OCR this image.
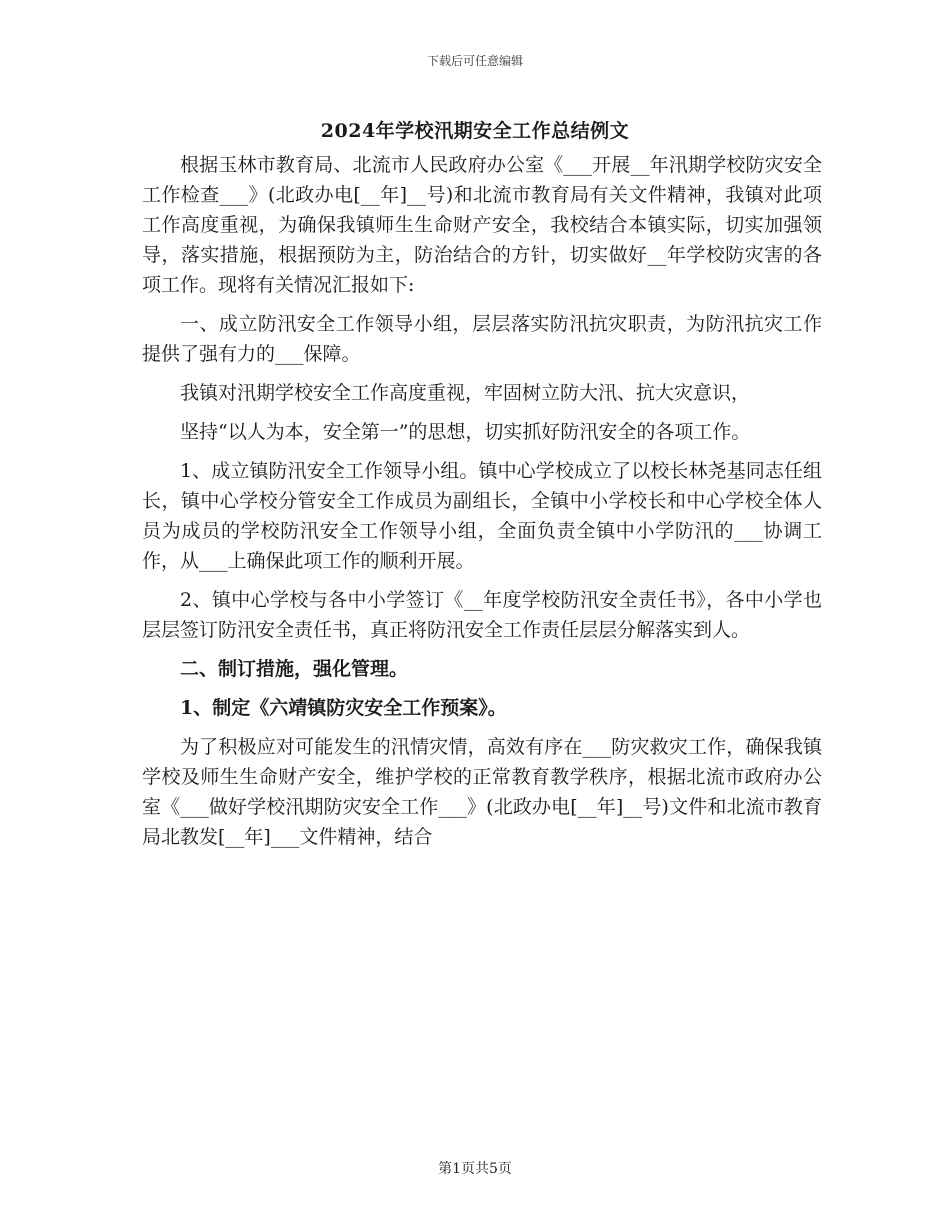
下载后可任意编辑
2024年学校汛期安全工作总结例文

根据玉林市教育局、北流市人民政府办公室《___开展__年汛期学校防灾安全工作检查___》(北政办电[__年]__号)和北流市教育局有关文件精神，我镇对此项工作高度重视，为确保我镇师生生命财产安全，我校结合本镇实际，切实加强领导，落实措施，根据预防为主，防治结合的方针，切实做好__年学校防灾害的各项工作。现将有关情况汇报如下:

一、成立防汛安全工作领导小组，层层落实防汛抗灾职责，为防汛抗灾工作提供了强有力的___保障。

我镇对汛期学校安全工作高度重视，牢固树立防大汛、抗大灾意识，

坚持“以人为本，安全第一”的思想，切实抓好防汛安全的各项工作。

1、成立镇防汛安全工作领导小组。镇中心学校成立了以校长林尧基同志任组长，镇中心学校分管安全工作成员为副组长，全镇中小学校长和中心学校全体人员为成员的学校防汛安全工作领导小组，全面负责全镇中小学防汛的___协调工作，从___上确保此项工作的顺利开展。

2、镇中心学校与各中小学签订《__年度学校防汛安全责任书》，各中小学也层层签订防汛安全责任书，真正将防汛安全工作责任层层分解落实到人。

二、制订措施，强化管理。

1、制定《六靖镇防灾安全工作预案》。

为了积极应对可能发生的汛情灾情，高效有序在___防灾救灾工作，确保我镇学校及师生生命财产安全，维护学校的正常教育教学秩序，根据北流市政府办公室《___做好学校汛期防灾安全工作___》(北政办电[__年]__号)文件和北流市教育局北教发[__年]___文件精神，结合

第1页共5页
